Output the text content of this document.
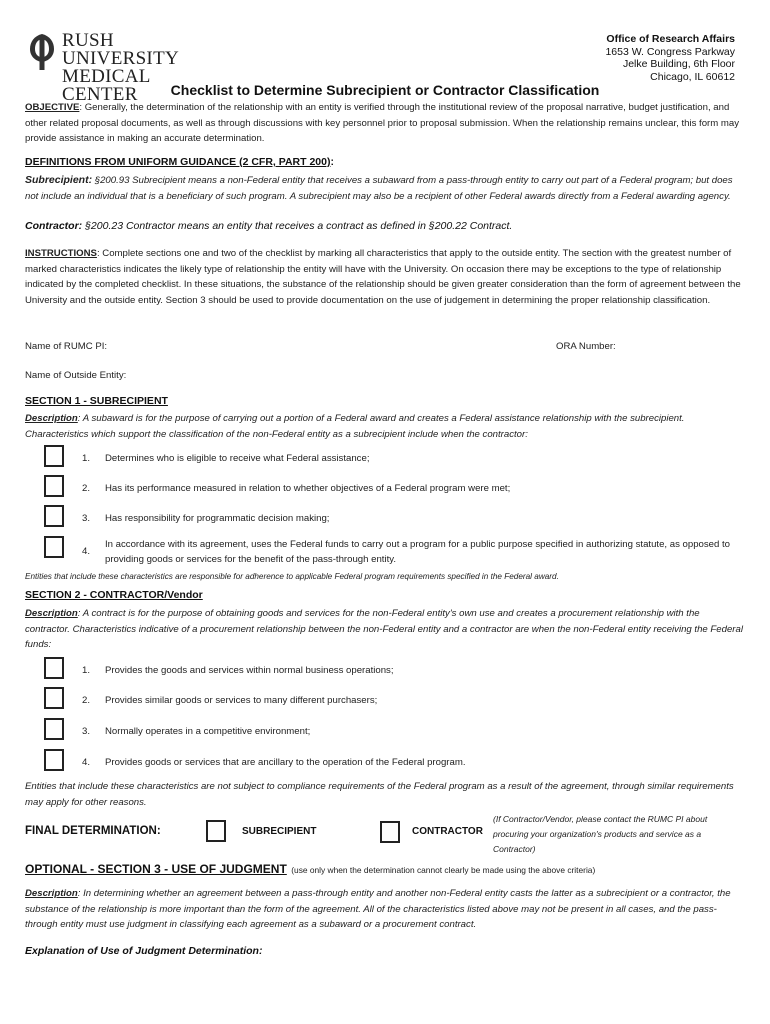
RUSH UNIVERSITY
MEDICAL CENTER
Office of Research Affairs
1653 W. Congress Parkway
Jelke Building, 6th Floor
Chicago, IL 60612
Checklist to Determine Subrecipient or Contractor Classification
OBJECTIVE: Generally, the determination of the relationship with an entity is verified through the institutional review of the proposal narrative, budget justification, and other related proposal documents, as well as through discussions with key personnel prior to proposal submission. When the relationship remains unclear, this form may provide assistance in making an accurate determination.
DEFINITIONS FROM UNIFORM GUIDANCE (2 CFR, PART 200):
Subrecipient: §200.93 Subrecipient means a non-Federal entity that receives a subaward from a pass-through entity to carry out part of a Federal program; but does not include an individual that is a beneficiary of such program. A subrecipient may also be a recipient of other Federal awards directly from a Federal awarding agency.
Contractor: §200.23 Contractor means an entity that receives a contract as defined in §200.22 Contract.
INSTRUCTIONS: Complete sections one and two of the checklist by marking all characteristics that apply to the outside entity. The section with the greatest number of marked characteristics indicates the likely type of relationship the entity will have with the University. On occasion there may be exceptions to the type of relationship indicated by the completed checklist. In these situations, the substance of the relationship should be given greater consideration than the form of agreement between the University and the outside entity. Section 3 should be used to provide documentation on the use of judgement in determining the proper relationship classification.
Name of RUMC PI:	ORA Number:
Name of Outside Entity:
SECTION 1 - SUBRECIPIENT
Description: A subaward is for the purpose of carrying out a portion of a Federal award and creates a Federal assistance relationship with the subrecipient. Characteristics which support the classification of the non-Federal entity as a subrecipient include when the contractor:
1. Determines who is eligible to receive what Federal assistance;
2. Has its performance measured in relation to whether objectives of a Federal program were met;
3. Has responsibility for programmatic decision making;
4.
In accordance with its agreement, uses the Federal funds to carry out a program for a public purpose specified in authorizing statute, as opposed to providing goods or services for the benefit of the pass-through entity.
Entities that include these characteristics are responsible for adherence to applicable Federal program requirements specified in the Federal award.
SECTION 2 - CONTRACTOR/Vendor
Description: A contract is for the purpose of obtaining goods and services for the non-Federal entity's own use and creates a procurement relationship with the contractor. Characteristics indicative of a procurement relationship between the non-Federal entity and a contractor are when the non-Federal entity receiving the Federal funds:
1. Provides the goods and services within normal business operations;
2. Provides similar goods or services to many different purchasers;
3. Normally operates in a competitive environment;
4. Provides goods or services that are ancillary to the operation of the Federal program.
Entities that include these characteristics are not subject to compliance requirements of the Federal program as a result of the agreement, through similar requirements may apply for other reasons.
FINAL DETERMINATION:	SUBRECIPIENT	CONTRACTOR
(If Contractor/Vendor, please contact the RUMC PI about procuring your organization's products and service as a Contractor)
OPTIONAL - SECTION 3 - USE OF JUDGMENT (use only when the determination cannot clearly be made using the above criteria)
Description: In determining whether an agreement between a pass-through entity and another non-Federal entity casts the latter as a subrecipient or a contractor, the substance of the relationship is more important than the form of the agreement. All of the characteristics listed above may not be present in all cases, and the pass-through entity must use judgment in classifying each agreement as a subaward or a procurement contract.
Explanation of Use of Judgment Determination:
